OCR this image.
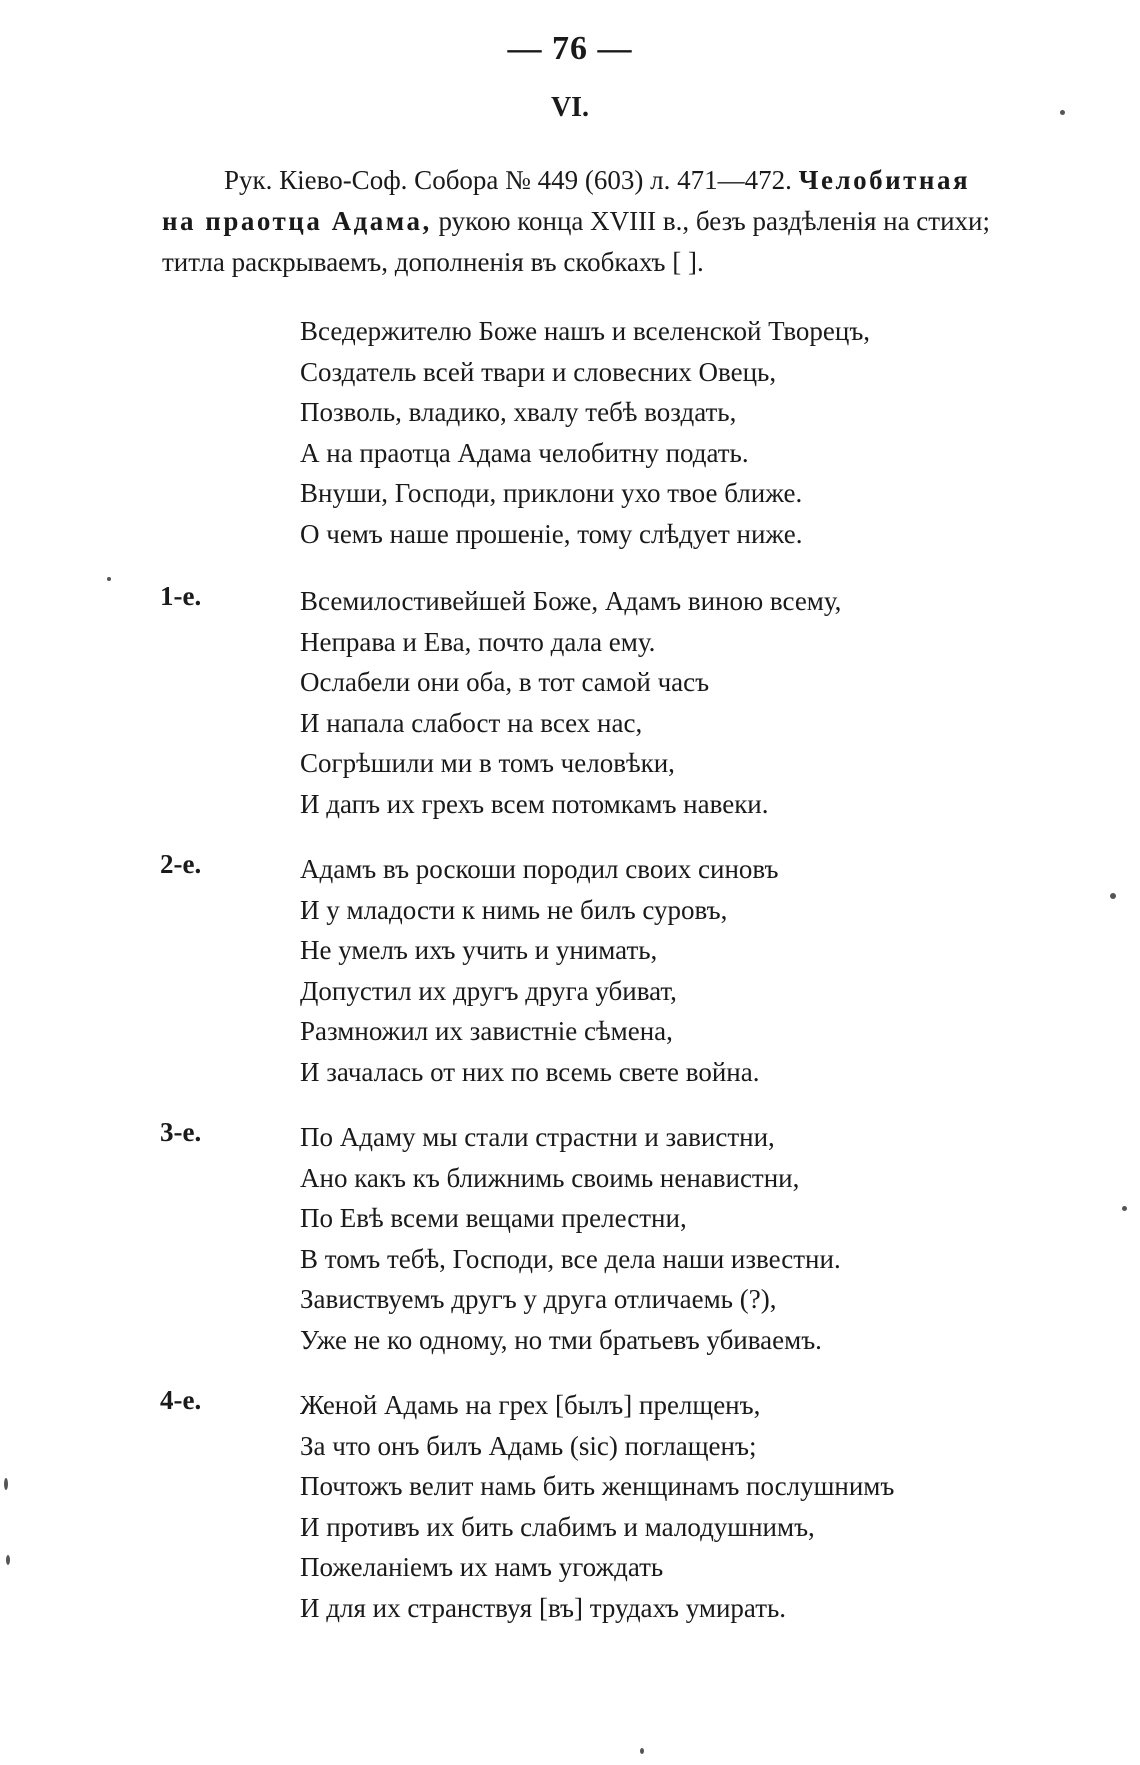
— 76 —
VI.
Рук. Кіево-Соф. Собора № 449 (603) л. 471—472. Челобитная
на праотца Адама, рукою конца XVIII в., безъ раздѣленія на стихи;
титла раскрываемъ, дополненія въ скобкахъ [ ].
Вседержителю Боже нашъ и вселенской Творецъ,
Создатель всей твари и словесних Овець,
Позволь, владико, хвалу тебѣ воздать,
А на праотца Адама челобитну подать.
Внуши, Господи, приклони ухо твое ближе.
О чемъ наше прошеніе, тому слѣдует ниже.
1-е.	Всемилостивейшей Боже, Адамъ виною всему,
Неправа и Ева, почто дала ему.
Ослабели они оба, в тот самой часъ
И напала слабост на всех нас,
Согрѣшили ми в томъ человѣки,
И дапъ их грехъ всем потомкамъ навеки.
2-е.	Адамъ въ роскоши породил своих синовъ
И у младости к нимь не билъ суровъ,
Не умелъ ихъ учить и унимать,
Допустил их другъ друга убиват,
Размножил их завистніе сѣмена,
И зачалась от них по всемь свете война.
3-е.	По Адаму мы стали страстни и завистни,
Ано какъ къ ближнимь своимь ненавистни,
По Евѣ всеми вещами прелестни,
В томъ тебѣ, Господи, все дела наши известни.
Завиствуемъ другъ у друга отличаемь (?),
Уже не ко одному, но тми братьевъ убиваемъ.
4-е.	Женой Адамь на грех [былъ] прелщенъ,
За что онъ билъ Адамь (sic) поглащенъ;
Почтожъ велит намь бить женщинамъ послушнимъ
И противъ их бить слабимъ и малодушнимъ,
Пожеланіемъ их намъ угождать
И для их странствуя [въ] трудахъ умирать.
